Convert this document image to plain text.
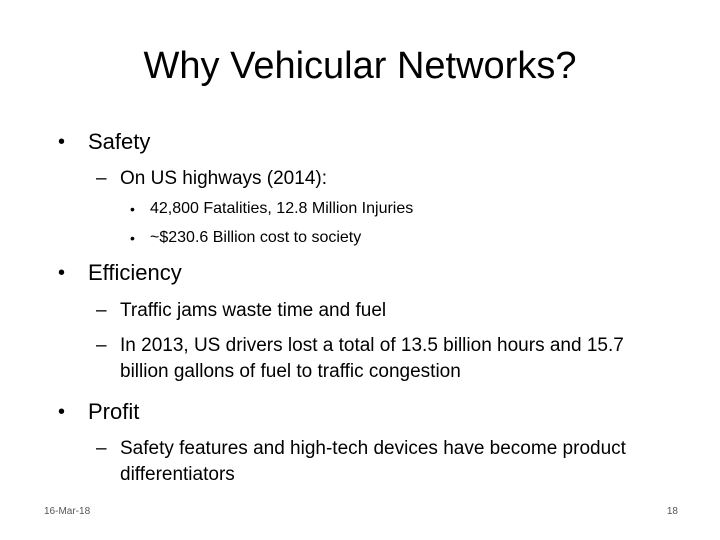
Why Vehicular Networks?
•	Safety
– On US highways (2014):
• 42,800 Fatalities, 12.8 Million Injuries
• ~$230.6 Billion cost to society
•	Efficiency
– Traffic jams waste time and fuel
– In 2013, US drivers lost a total of 13.5 billion hours and 15.7 billion gallons of fuel to traffic congestion
•	Profit
– Safety features and high-tech devices have become product differentiators
16-Mar-18	18
